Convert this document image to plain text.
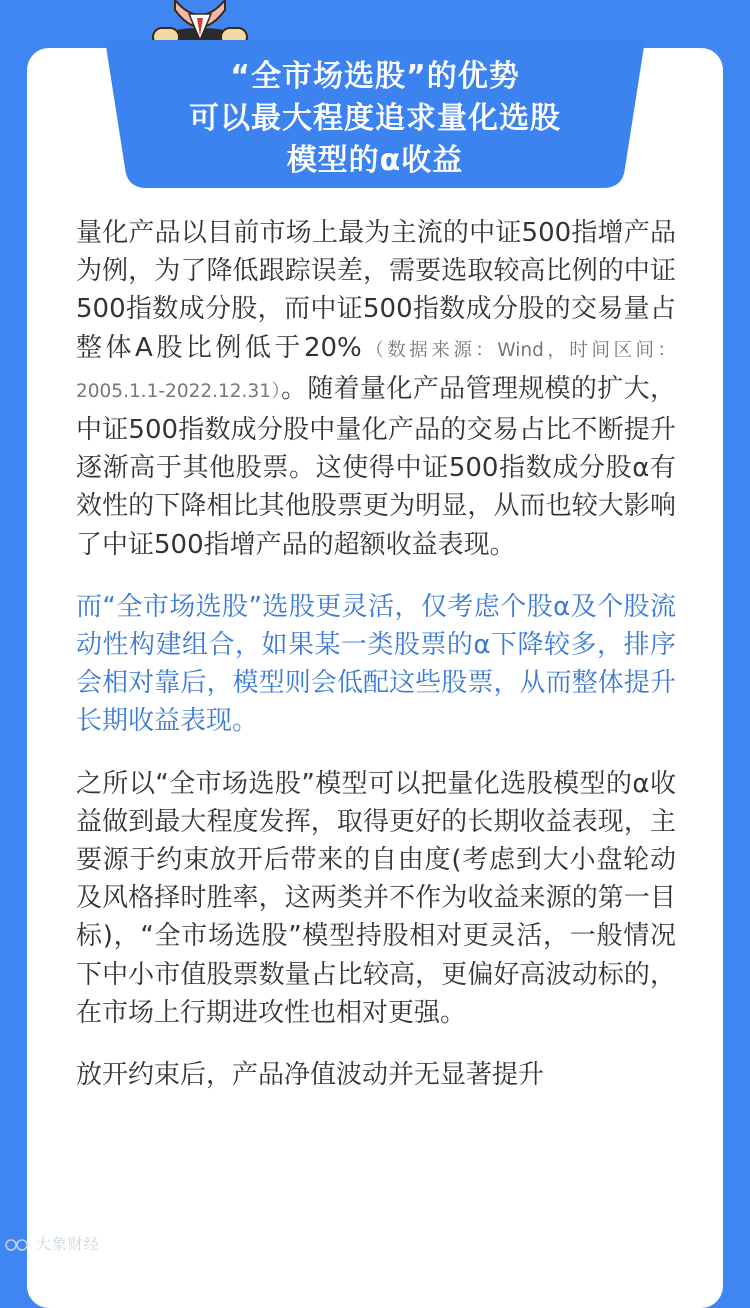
“全市场选股”的优势
可以最大程度追求量化选股
模型的α收益

量化产品以目前市场上最为主流的中证500指增产品为例，为了降低跟踪误差，需要选取较高比例的中证500指数成分股，而中证500指数成分股的交易量占整体A股比例低于20%（数据来源：Wind，时间区间：2005.1.1-2022.12.31）。随着量化产品管理规模的扩大，中证500指数成分股中量化产品的交易占比不断提升逐渐高于其他股票。这使得中证500指数成分股α有效性的下降相比其他股票更为明显，从而也较大影响了中证500指增产品的超额收益表现。

而“全市场选股”选股更灵活，仅考虑个股α及个股流动性构建组合，如果某一类股票的α下降较多，排序会相对靠后，模型则会低配这些股票，从而整体提升长期收益表现。

之所以“全市场选股”模型可以把量化选股模型的α收益做到最大程度发挥，取得更好的长期收益表现，主要源于约束放开后带来的自由度(考虑到大小盘轮动及风格择时胜率，这两类并不作为收益来源的第一目标)，“全市场选股”模型持股相对更灵活，一般情况下中小市值股票数量占比较高，更偏好高波动标的，在市场上行期进攻性也相对更强。

放开约束后，产品净值波动并无显著提升

大象财经
